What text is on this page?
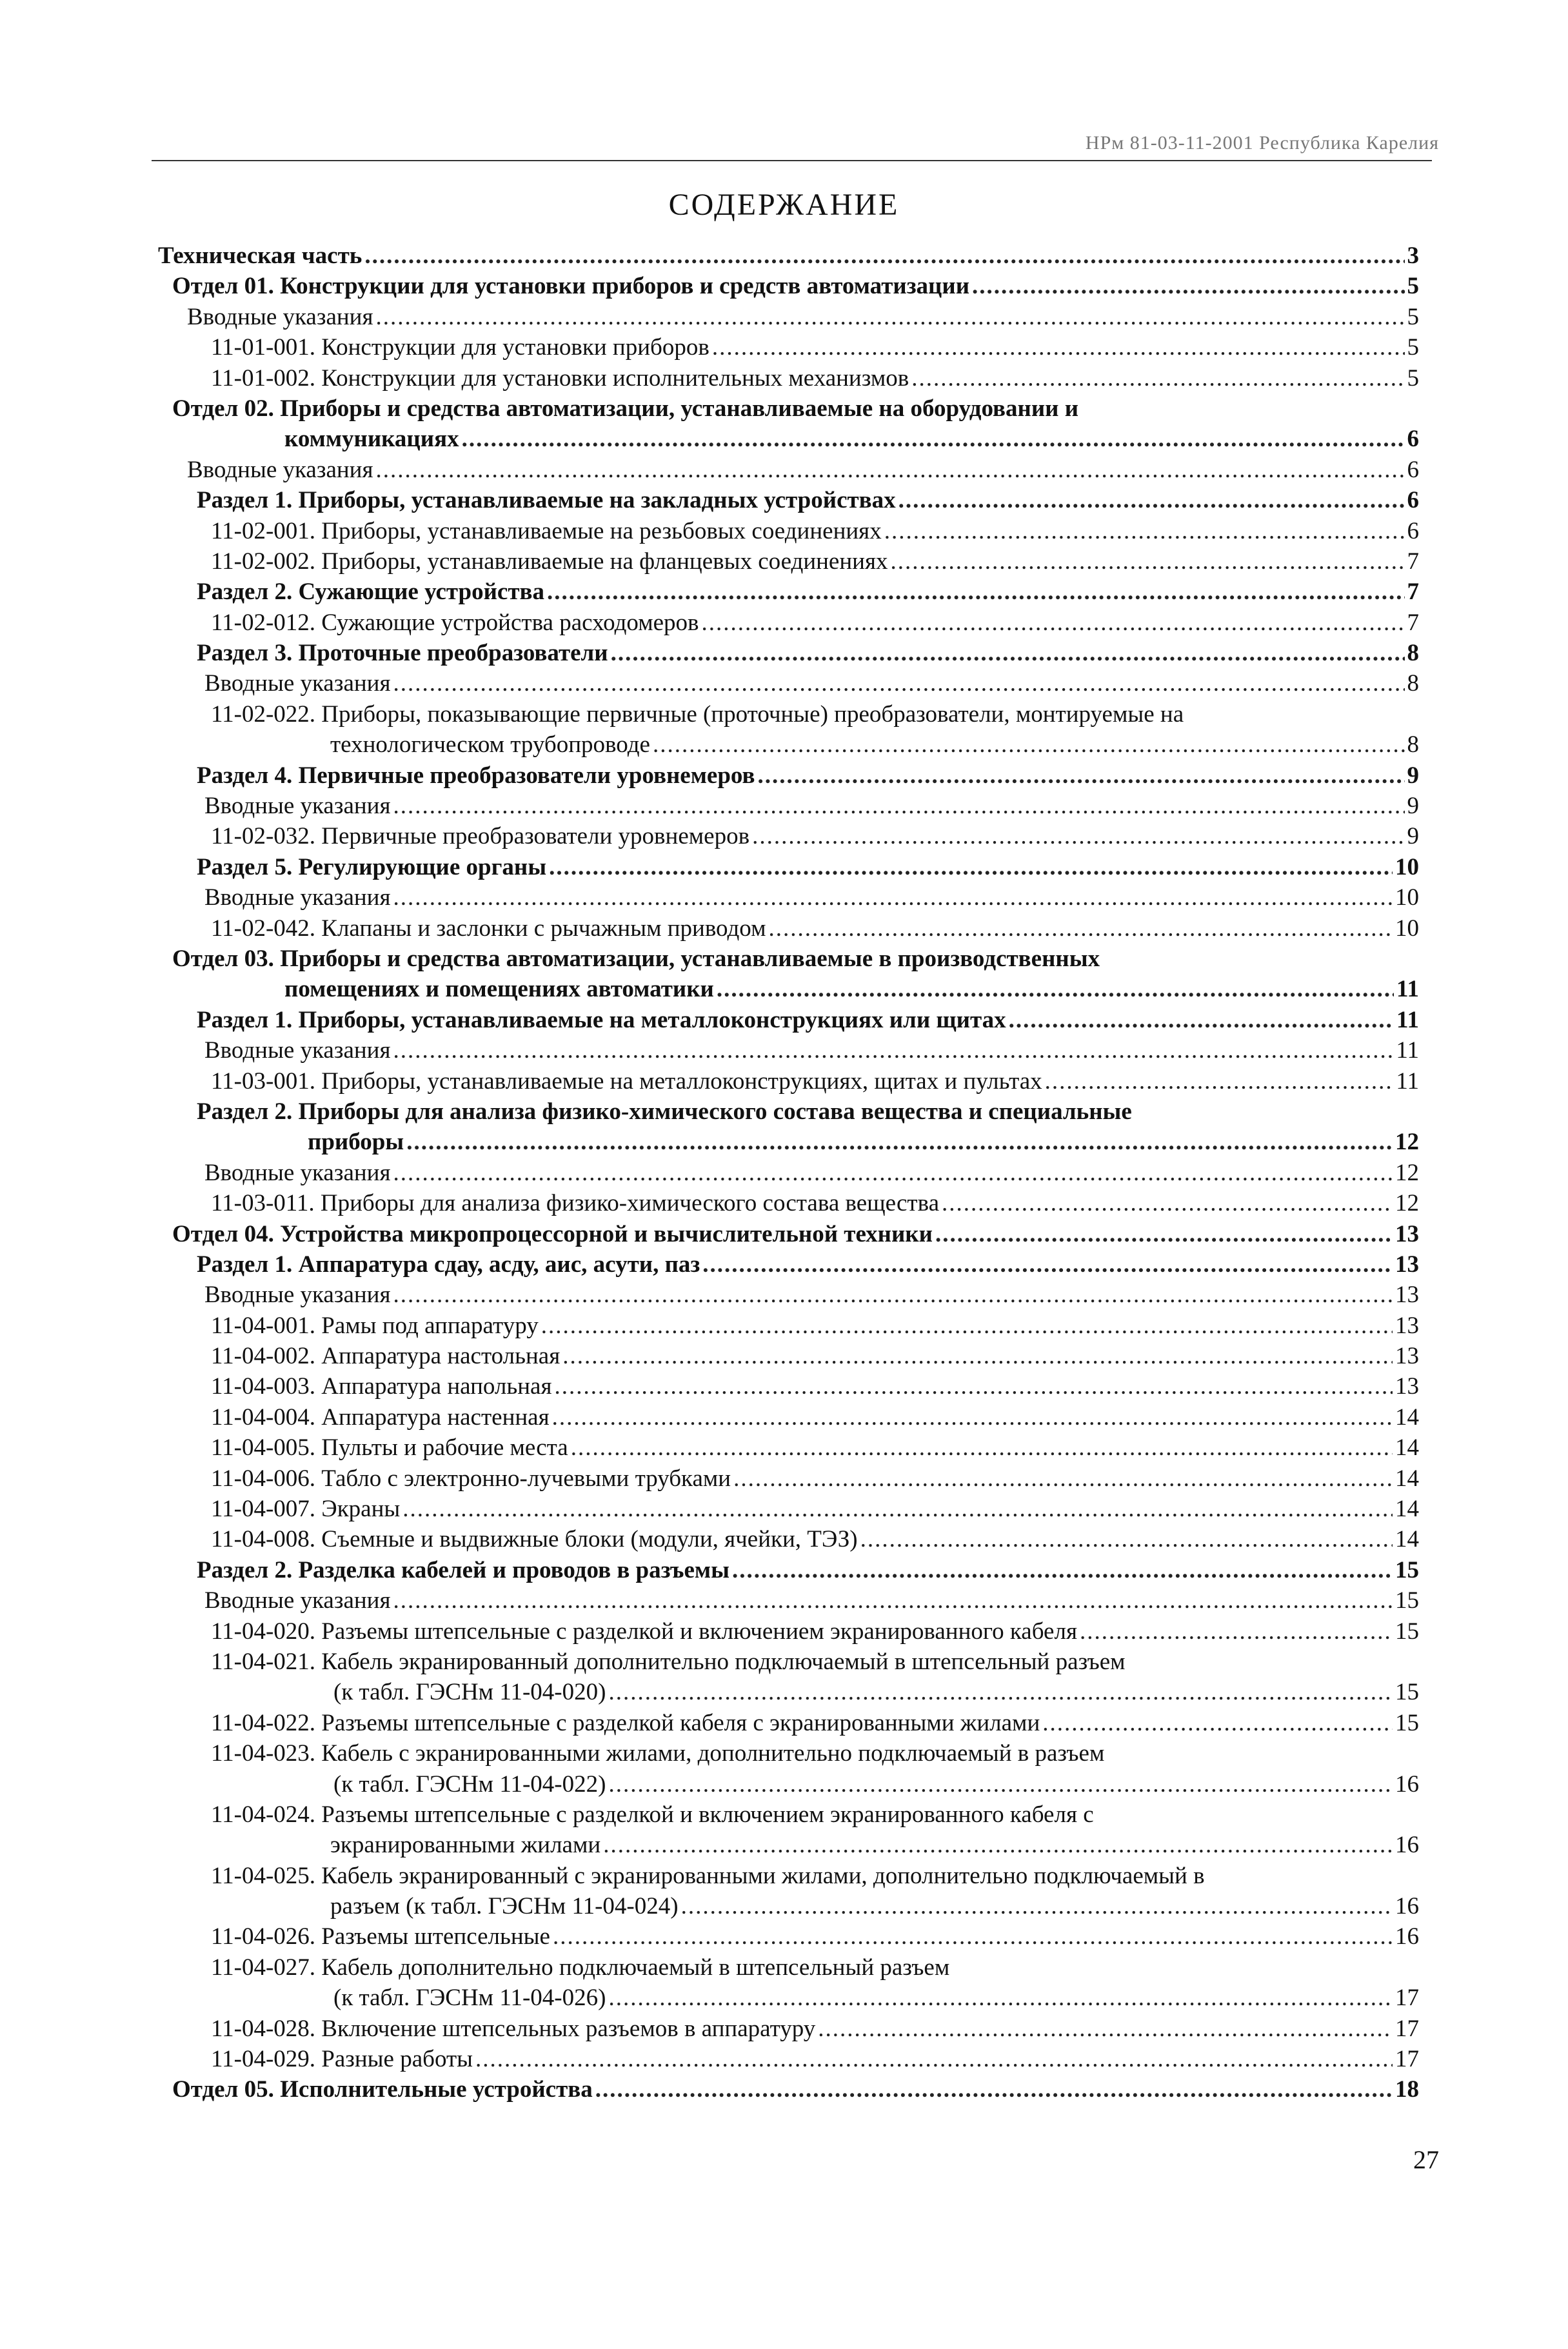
НРм 81-03-11-2001 Республика Карелия
СОДЕРЖАНИЕ
Техническая часть .....	3
Отдел 01. Конструкции для установки приборов и средств автоматизации .....	5
Вводные указания .....	5
11-01-001. Конструкции для установки приборов .....	5
11-01-002. Конструкции для установки исполнительных механизмов .....	5
Отдел 02. Приборы и средства автоматизации, устанавливаемые на оборудовании и
коммуникациях .....	6
Вводные указания .....	6
Раздел 1. Приборы, устанавливаемые на закладных устройствах .....	6
11-02-001. Приборы, устанавливаемые на резьбовых соединениях .....	6
11-02-002. Приборы, устанавливаемые на фланцевых соединениях .....	7
Раздел 2. Сужающие устройства .....	7
11-02-012. Сужающие устройства расходомеров .....	7
Раздел 3. Проточные преобразователи .....	8
Вводные указания .....	8
11-02-022. Приборы, показывающие первичные (проточные) преобразователи, монтируемые на
технологическом трубопроводе .....	8
Раздел 4. Первичные преобразователи уровнемеров .....	9
Вводные указания .....	9
11-02-032. Первичные преобразователи уровнемеров .....	9
Раздел 5. Регулирующие органы .....	10
Вводные указания .....	10
11-02-042. Клапаны и заслонки с рычажным приводом .....	10
Отдел 03. Приборы и средства автоматизации, устанавливаемые в производственных
помещениях и помещениях автоматики .....	11
Раздел 1. Приборы, устанавливаемые на металлоконструкциях или щитах .....	11
Вводные указания .....	11
11-03-001. Приборы, устанавливаемые на металлоконструкциях, щитах и пультах .....	11
Раздел 2. Приборы для анализа физико-химического состава вещества и специальные
приборы .....	12
Вводные указания .....	12
11-03-011. Приборы для анализа физико-химического состава вещества .....	12
Отдел 04. Устройства микропроцессорной и вычислительной техники .....	13
Раздел 1. Аппаратура сдау, асду, аис, асути, паз .....	13
Вводные указания .....	13
11-04-001. Рамы под аппаратуру .....	13
11-04-002. Аппаратура настольная .....	13
11-04-003. Аппаратура напольная .....	13
11-04-004. Аппаратура настенная .....	14
11-04-005. Пульты и рабочие места .....	14
11-04-006. Табло с электронно-лучевыми трубками .....	14
11-04-007. Экраны .....	14
11-04-008. Съемные и выдвижные блоки (модули, ячейки, ТЭЗ) .....	14
Раздел 2. Разделка кабелей и проводов в разъемы .....	15
Вводные указания .....	15
11-04-020. Разъемы штепсельные с разделкой и включением экранированного кабеля .....	15
11-04-021. Кабель экранированный дополнительно подключаемый в штепсельный разъем
(к табл. ГЭСНм 11-04-020) .....	15
11-04-022. Разъемы штепсельные с разделкой кабеля с экранированными жилами .....	15
11-04-023. Кабель с экранированными жилами, дополнительно подключаемый в разъем
(к табл. ГЭСНм 11-04-022) .....	16
11-04-024. Разъемы штепсельные с разделкой и включением экранированного кабеля с
экранированными жилами .....	16
11-04-025. Кабель экранированный с экранированными жилами, дополнительно подключаемый в
разъем (к табл. ГЭСНм 11-04-024) .....	16
11-04-026. Разъемы штепсельные .....	16
11-04-027. Кабель дополнительно подключаемый в штепсельный разъем
(к табл. ГЭСНм 11-04-026) .....	17
11-04-028. Включение штепсельных разъемов в аппаратуру .....	17
11-04-029. Разные работы .....	17
Отдел 05. Исполнительные устройства .....	18
27
